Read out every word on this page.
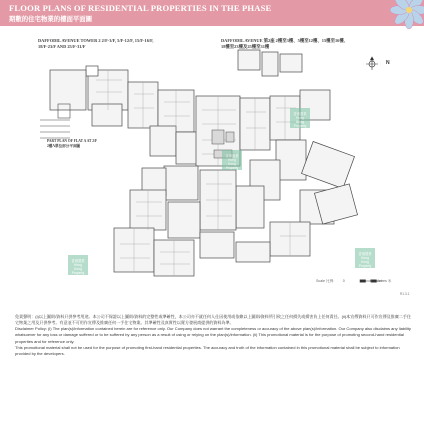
FLOOR PLANS OF RESIDENTIAL PROPERTIES IN THE PHASE
期數的住宅物業的樓面平面圖
DAFFODIL AVENUE TOWER 2 2/F-3/F, 5/F-12/F, 15/F-16/F,
18/F-23/F AND 25/F-31/F
DAFFODIL AVENUE 第2座 2樓至3樓、5樓至12樓、15樓至16樓、
18樓至23樓及25樓至31樓
PART PLAN OF FLAT A AT 2/F
2樓A單位部分平面圖
N
香港置業 Hong Kong Property
香港置業 Hong Kong Property
香港置業 Hong Kong Property
香港置業 Hong Kong Property
Scale 比例： 0	5 Metres 米
R1.3.1

免責聲明：(i)以上圖則/資料只供參考用途。本公司不保證以上圖則/資料的完整性或準確性，本公司亦不就任何人仕因使用或依賴以上圖則/資料所引致之任何損失或損害負上任何責任。(ii)本宣傳資料只可作宣傳及推廣二手住宅物業之用及只供參考。有意並不可用作宣傳及推廣任何一手住宅物業。其準確性及真實性以賣方發展商提供的資料為準。

Disclaimer Policy: (i) The plan(s)/information contained herein are for reference only. Our Company does not warrant the completeness or accuracy of the above plan(s)/information. Our Company also disclaims any liability whatsoever for any loss or damage suffered or to be suffered by any person as a result of using or relying on the plan(s)/information. (ii) This promotional material is for the purpose of promoting second-hand residential properties and for reference only.

This promotional material shall not be used for the purpose of promoting first-hand residential properties. The accuracy and truth of the information contained in this promotional material shall be subject to information provided by the developers.
